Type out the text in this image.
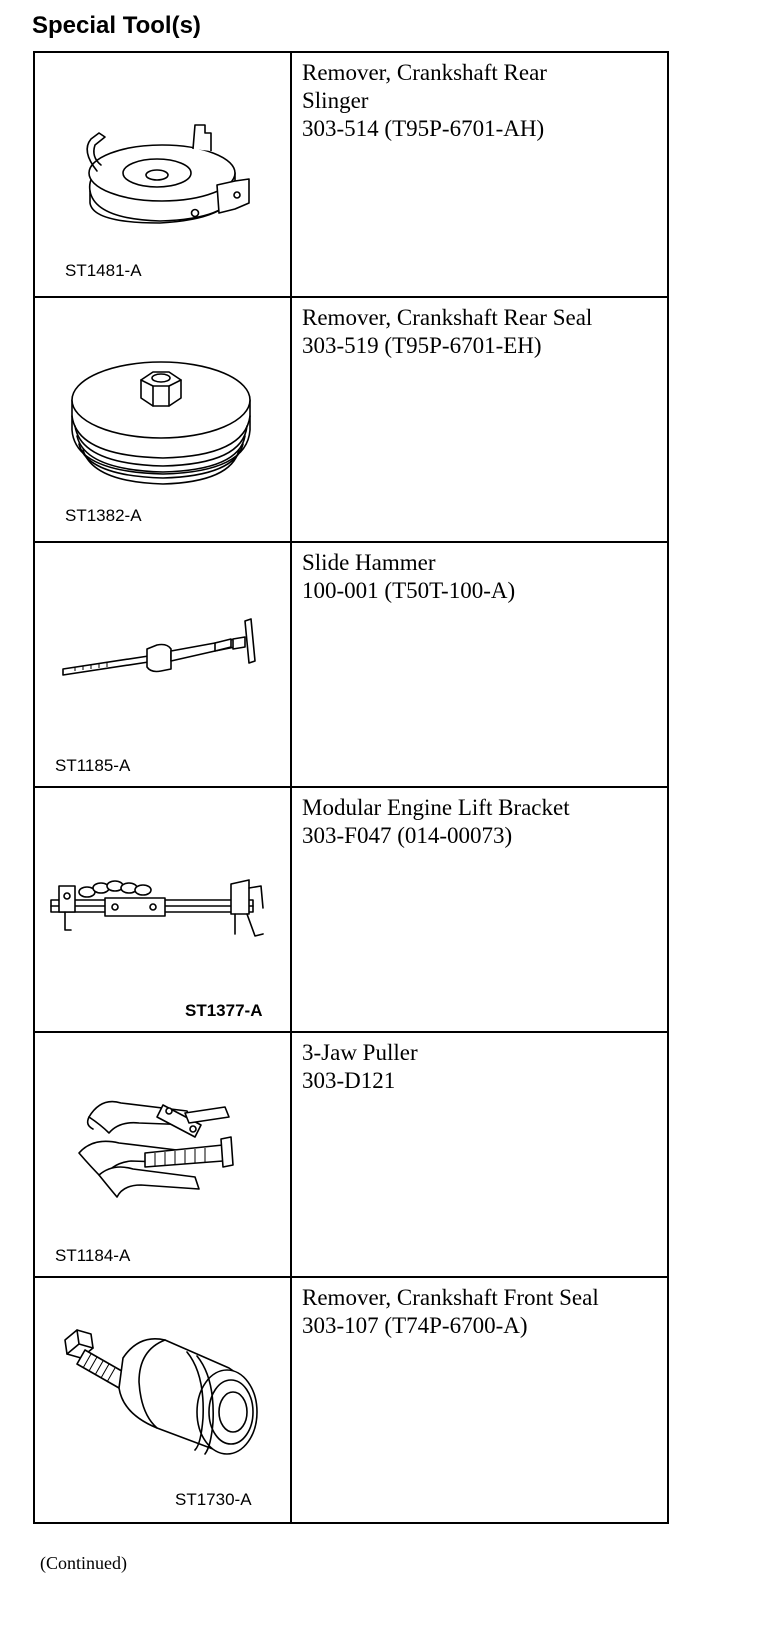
Special Tool(s)
ST1481-A
Remover, Crankshaft Rear
Slinger
303-514 (T95P-6701-AH)
ST1382-A
Remover, Crankshaft Rear Seal
303-519 (T95P-6701-EH)
ST1185-A
Slide Hammer
100-001 (T50T-100-A)
ST1377-A
Modular Engine Lift Bracket
303-F047 (014-00073)
ST1184-A
3-Jaw Puller
303-D121
ST1730-A
Remover, Crankshaft Front Seal
303-107 (T74P-6700-A)
(Continued)
